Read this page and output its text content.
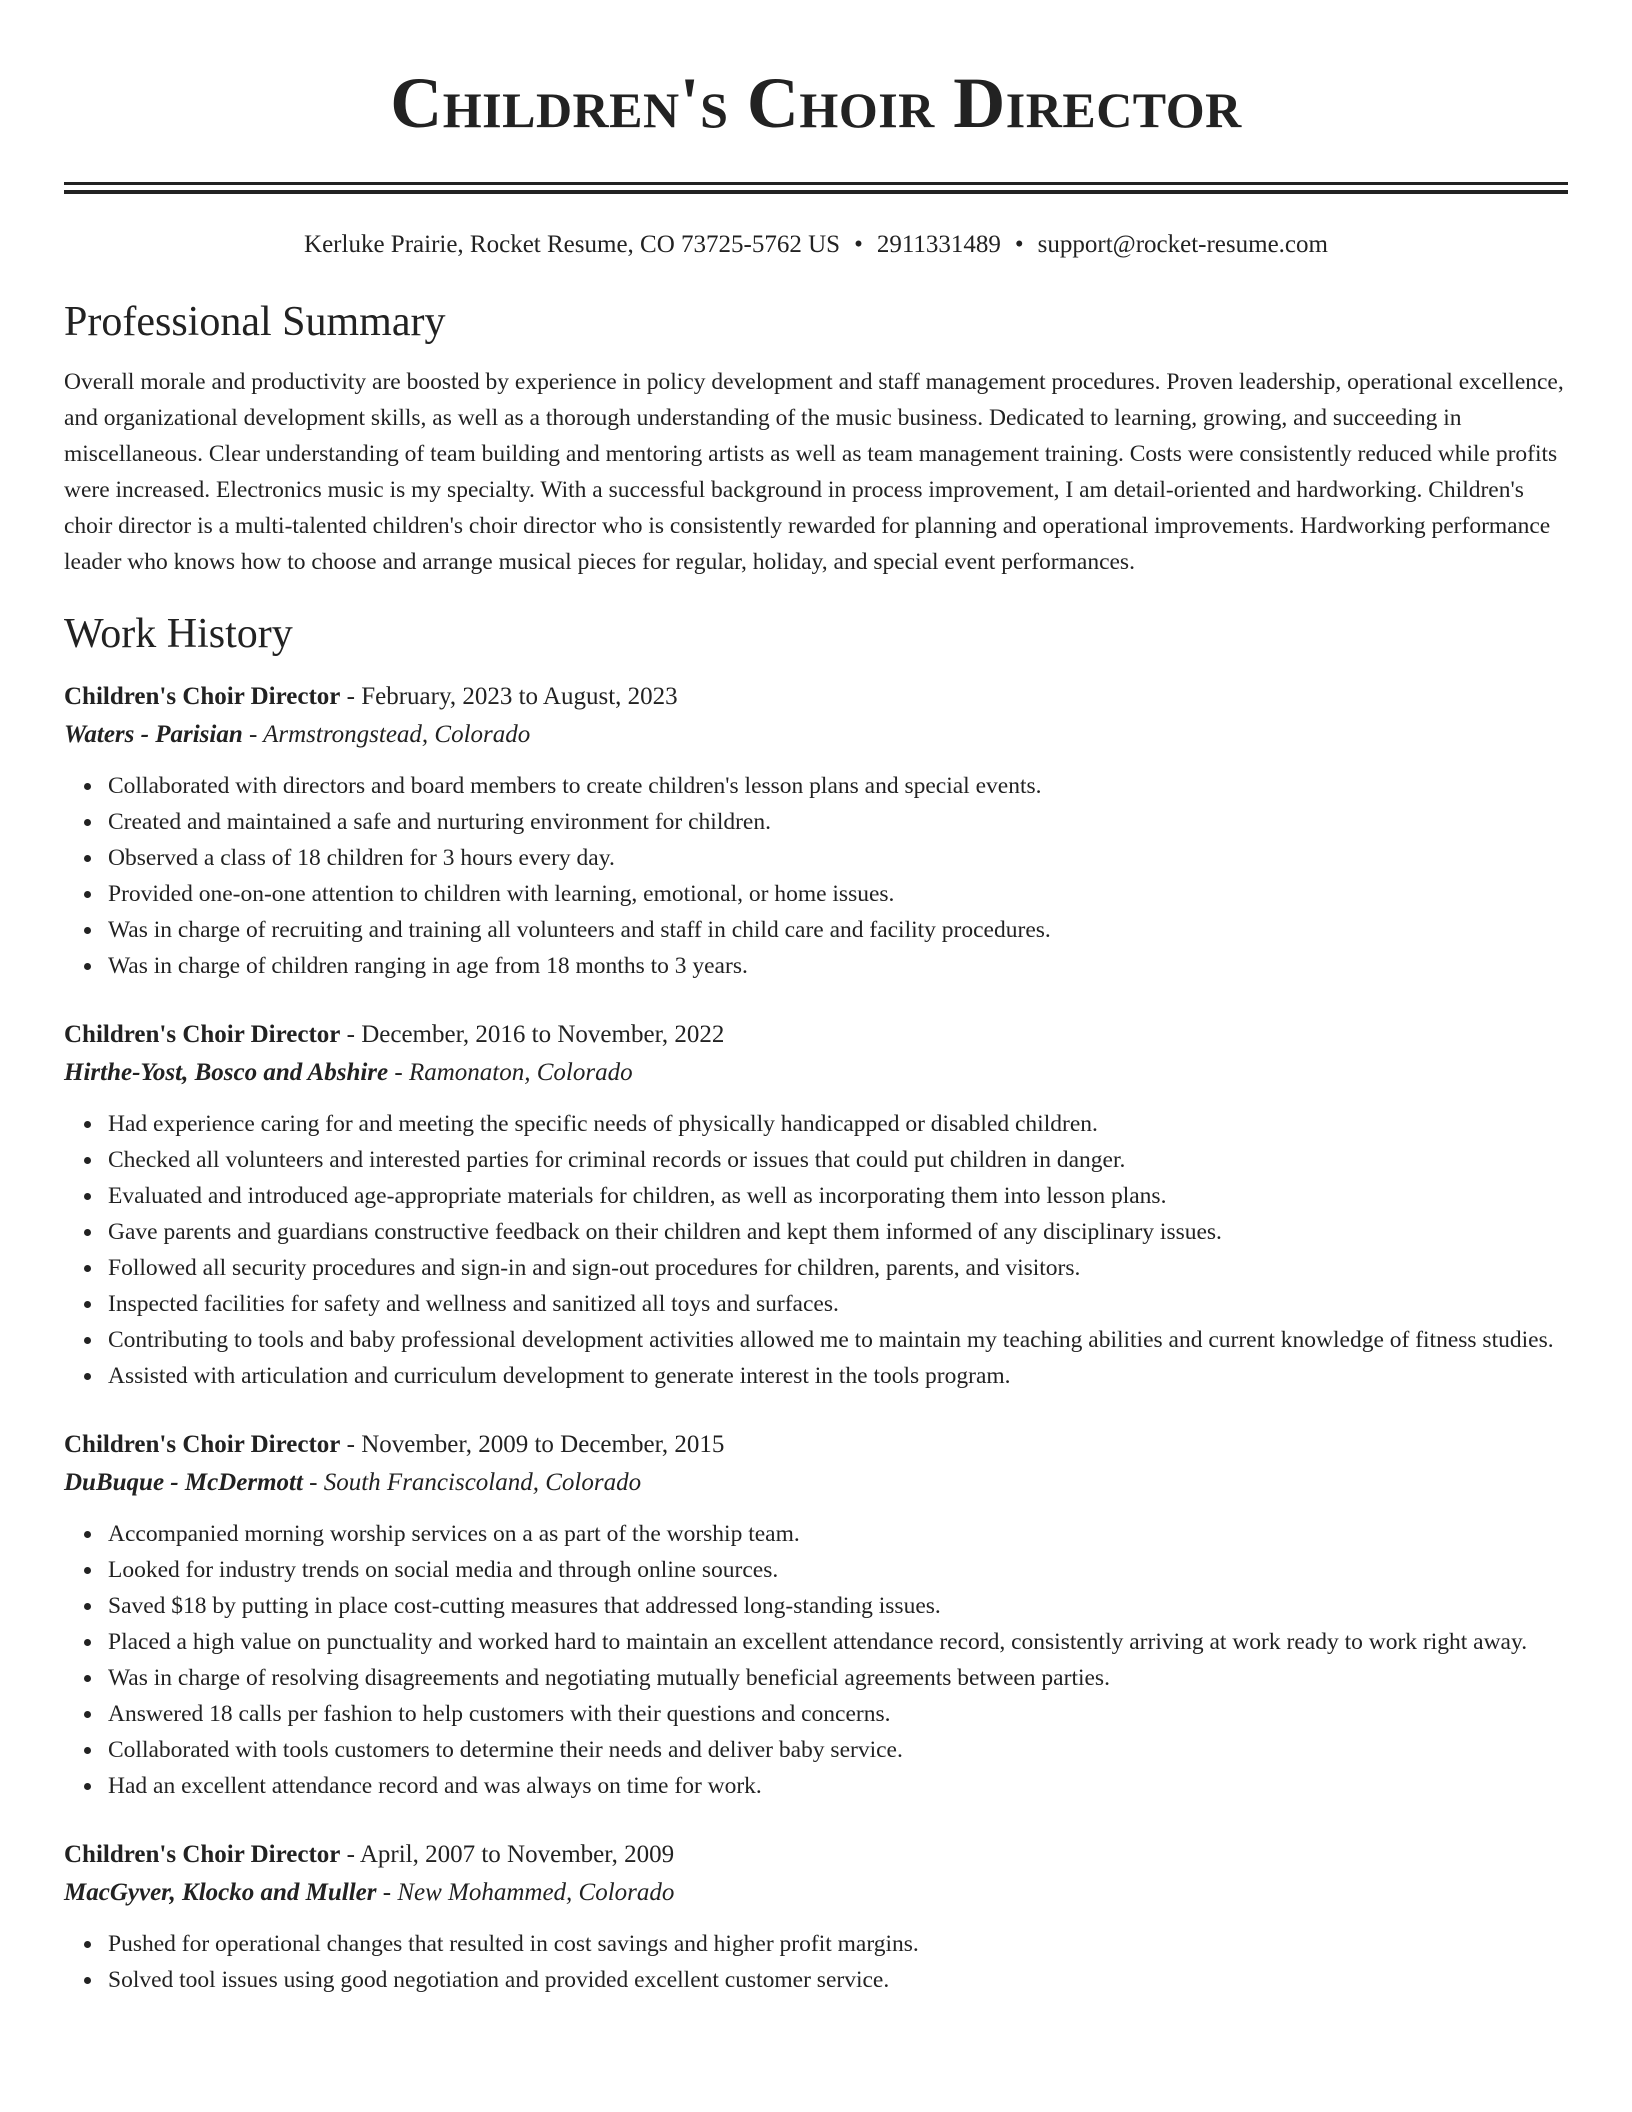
Children's Choir Director
Kerluke Prairie, Rocket Resume, CO 73725-5762 US • 2911331489 • support@rocket-resume.com
Professional Summary

Overall morale and productivity are boosted by experience in policy development and staff management procedures. Proven leadership, operational excellence, and organizational development skills, as well as a thorough understanding of the music business. Dedicated to learning, growing, and succeeding in miscellaneous. Clear understanding of team building and mentoring artists as well as team management training. Costs were consistently reduced while profits were increased. Electronics music is my specialty. With a successful background in process improvement, I am detail-oriented and hardworking. Children's choir director is a multi-talented children's choir director who is consistently rewarded for planning and operational improvements. Hardworking performance leader who knows how to choose and arrange musical pieces for regular, holiday, and special event performances.

Work History
Children's Choir Director - February, 2023 to August, 2023
Waters - Parisian - Armstrongstead, Colorado
Collaborated with directors and board members to create children's lesson plans and special events.
Created and maintained a safe and nurturing environment for children.
Observed a class of 18 children for 3 hours every day.
Provided one-on-one attention to children with learning, emotional, or home issues.
Was in charge of recruiting and training all volunteers and staff in child care and facility procedures.
Was in charge of children ranging in age from 18 months to 3 years.
Children's Choir Director - December, 2016 to November, 2022
Hirthe-Yost, Bosco and Abshire - Ramonaton, Colorado
Had experience caring for and meeting the specific needs of physically handicapped or disabled children.
Checked all volunteers and interested parties for criminal records or issues that could put children in danger.
Evaluated and introduced age-appropriate materials for children, as well as incorporating them into lesson plans.
Gave parents and guardians constructive feedback on their children and kept them informed of any disciplinary issues.
Followed all security procedures and sign-in and sign-out procedures for children, parents, and visitors.
Inspected facilities for safety and wellness and sanitized all toys and surfaces.
Contributing to tools and baby professional development activities allowed me to maintain my teaching abilities and current knowledge of fitness studies.
Assisted with articulation and curriculum development to generate interest in the tools program.
Children's Choir Director - November, 2009 to December, 2015
DuBuque - McDermott - South Franciscoland, Colorado
Accompanied morning worship services on a as part of the worship team.
Looked for industry trends on social media and through online sources.
Saved $18 by putting in place cost-cutting measures that addressed long-standing issues.
Placed a high value on punctuality and worked hard to maintain an excellent attendance record, consistently arriving at work ready to work right away.
Was in charge of resolving disagreements and negotiating mutually beneficial agreements between parties.
Answered 18 calls per fashion to help customers with their questions and concerns.
Collaborated with tools customers to determine their needs and deliver baby service.
Had an excellent attendance record and was always on time for work.
Children's Choir Director - April, 2007 to November, 2009
MacGyver, Klocko and Muller - New Mohammed, Colorado
Pushed for operational changes that resulted in cost savings and higher profit margins.
Solved tool issues using good negotiation and provided excellent customer service.
